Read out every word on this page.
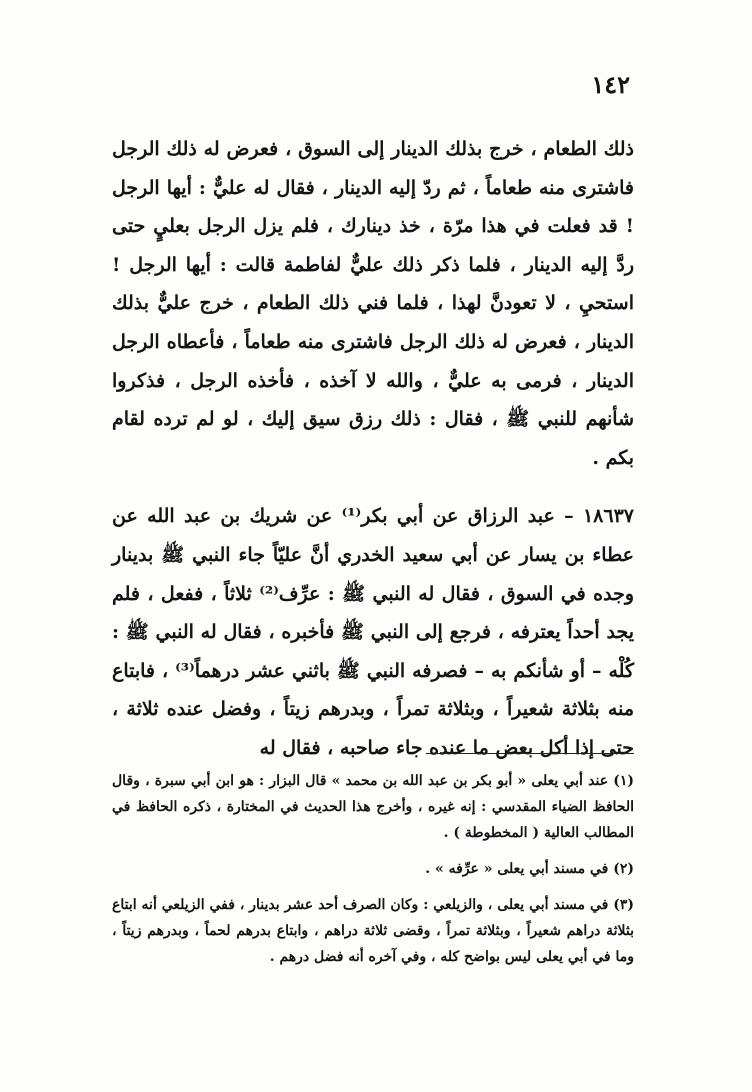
١٤٢

ذلك الطعام ، خرج بذلك الدينار إلى السوق ، فعرض له ذلك الرجل فاشترى منه طعاماً ، ثم ردّ إليه الدينار ، فقال له عليٌّ : أيها الرجل ! قد فعلت في هذا مرّة ، خذ دينارك ، فلم يزل الرجل بعليٍ حتى ردَّ إليه الدينار ، فلما ذكر ذلك عليٌّ لفاطمة قالت : أيها الرجل ! استحيِ ، لا تعودنَّ لهذا ، فلما فني ذلك الطعام ، خرج عليٌّ بذلك الدينار ، فعرض له ذلك الرجل فاشترى منه طعاماً ، فأعطاه الرجل الدينار ، فرمى به عليٌّ ، والله لا آخذه ، فأخذه الرجل ، فذكروا شأنهم للنبي ﷺ ، فقال : ذلك رزق سيق إليك ، لو لم ترده لقام بكم .

١٨٦٣٧ – عبد الرزاق عن أبي بكر⁽¹⁾ عن شريك بن عبد الله عن عطاء بن يسار عن أبي سعيد الخدري أنَّ عليّاً جاء النبي ﷺ بدينار وجده في السوق ، فقال له النبي ﷺ : عرِّف⁽²⁾ ثلاثاً ، ففعل ، فلم يجد أحداً يعترفه ، فرجع إلى النبي ﷺ فأخبره ، فقال له النبي ﷺ : كُلْه – أو شأنكم به – فصرفه النبي ﷺ باثني عشر درهماً⁽³⁾ ، فابتاع منه بثلاثة شعيراً ، وبثلاثة تمراً ، وبدرهم زيتاً ، وفضل عنده ثلاثة ، حتى إذا أكل بعض ما عنده جاء صاحبه ، فقال له

(١) عند أبي يعلى « أبو بكر بن عبد الله بن محمد » قال البزار : هو ابن أبي سبرة ، وقال الحافظ الضياء المقدسي : إنه غيره ، وأخرج هذا الحديث في المختارة ، ذكره الحافظ في المطالب العالية ( المخطوطة ) .

(٢) في مسند أبي يعلى « عرِّفه » .

(٣) في مسند أبي يعلى ، والزيلعي : وكان الصرف أحد عشر بدينار ، ففي الزيلعي أنه ابتاع بثلاثة دراهم شعيراً ، وبثلاثة تمراً ، وقضى ثلاثة دراهم ، وابتاع بدرهم لحماً ، وبدرهم زيتاً ، وما في أبي يعلى ليس بواضح كله ، وفي آخره أنه فضل درهم .
